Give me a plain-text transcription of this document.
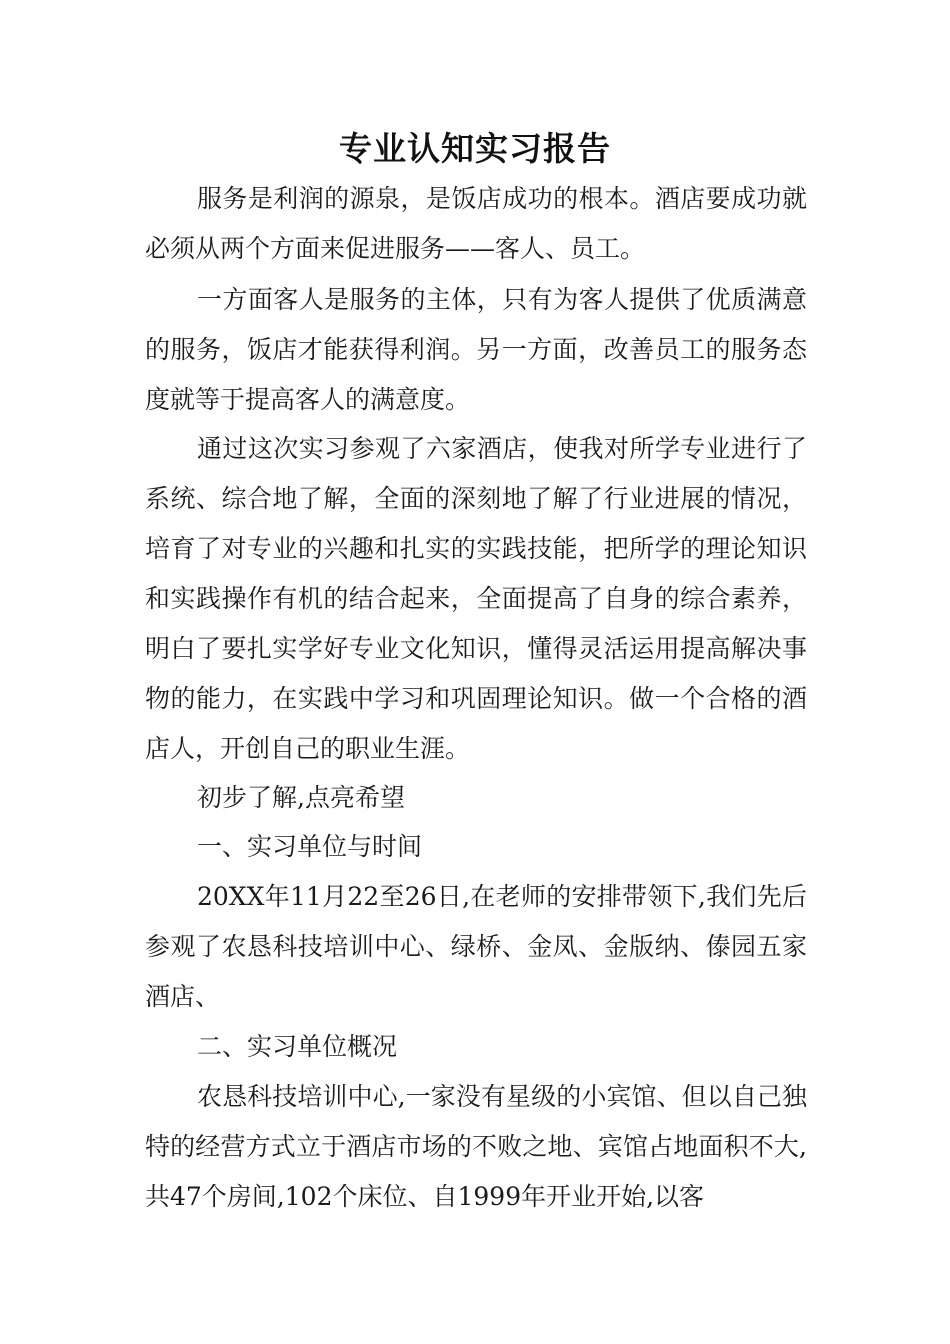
专业认知实习报告

服务是利润的源泉，是饭店成功的根本。酒店要成功就必须从两个方面来促进服务——客人、员工。

一方面客人是服务的主体，只有为客人提供了优质满意的服务，饭店才能获得利润。另一方面，改善员工的服务态度就等于提高客人的满意度。

通过这次实习参观了六家酒店，使我对所学专业进行了系统、综合地了解，全面的深刻地了解了行业进展的情况，培育了对专业的兴趣和扎实的实践技能，把所学的理论知识和实践操作有机的结合起来，全面提高了自身的综合素养，明白了要扎实学好专业文化知识，懂得灵活运用提高解决事物的能力，在实践中学习和巩固理论知识。做一个合格的酒店人，开创自己的职业生涯。

初步了解,点亮希望

一、实习单位与时间

20XX年11月22至26日,在老师的安排带领下,我们先后参观了农恳科技培训中心、绿桥、金凤、金版纳、傣园五家酒店、

二、实习单位概况

农恳科技培训中心,一家没有星级的小宾馆、但以自己独特的经营方式立于酒店市场的不败之地、宾馆占地面积不大,共47个房间,102个床位、自1999年开业开始,以客
